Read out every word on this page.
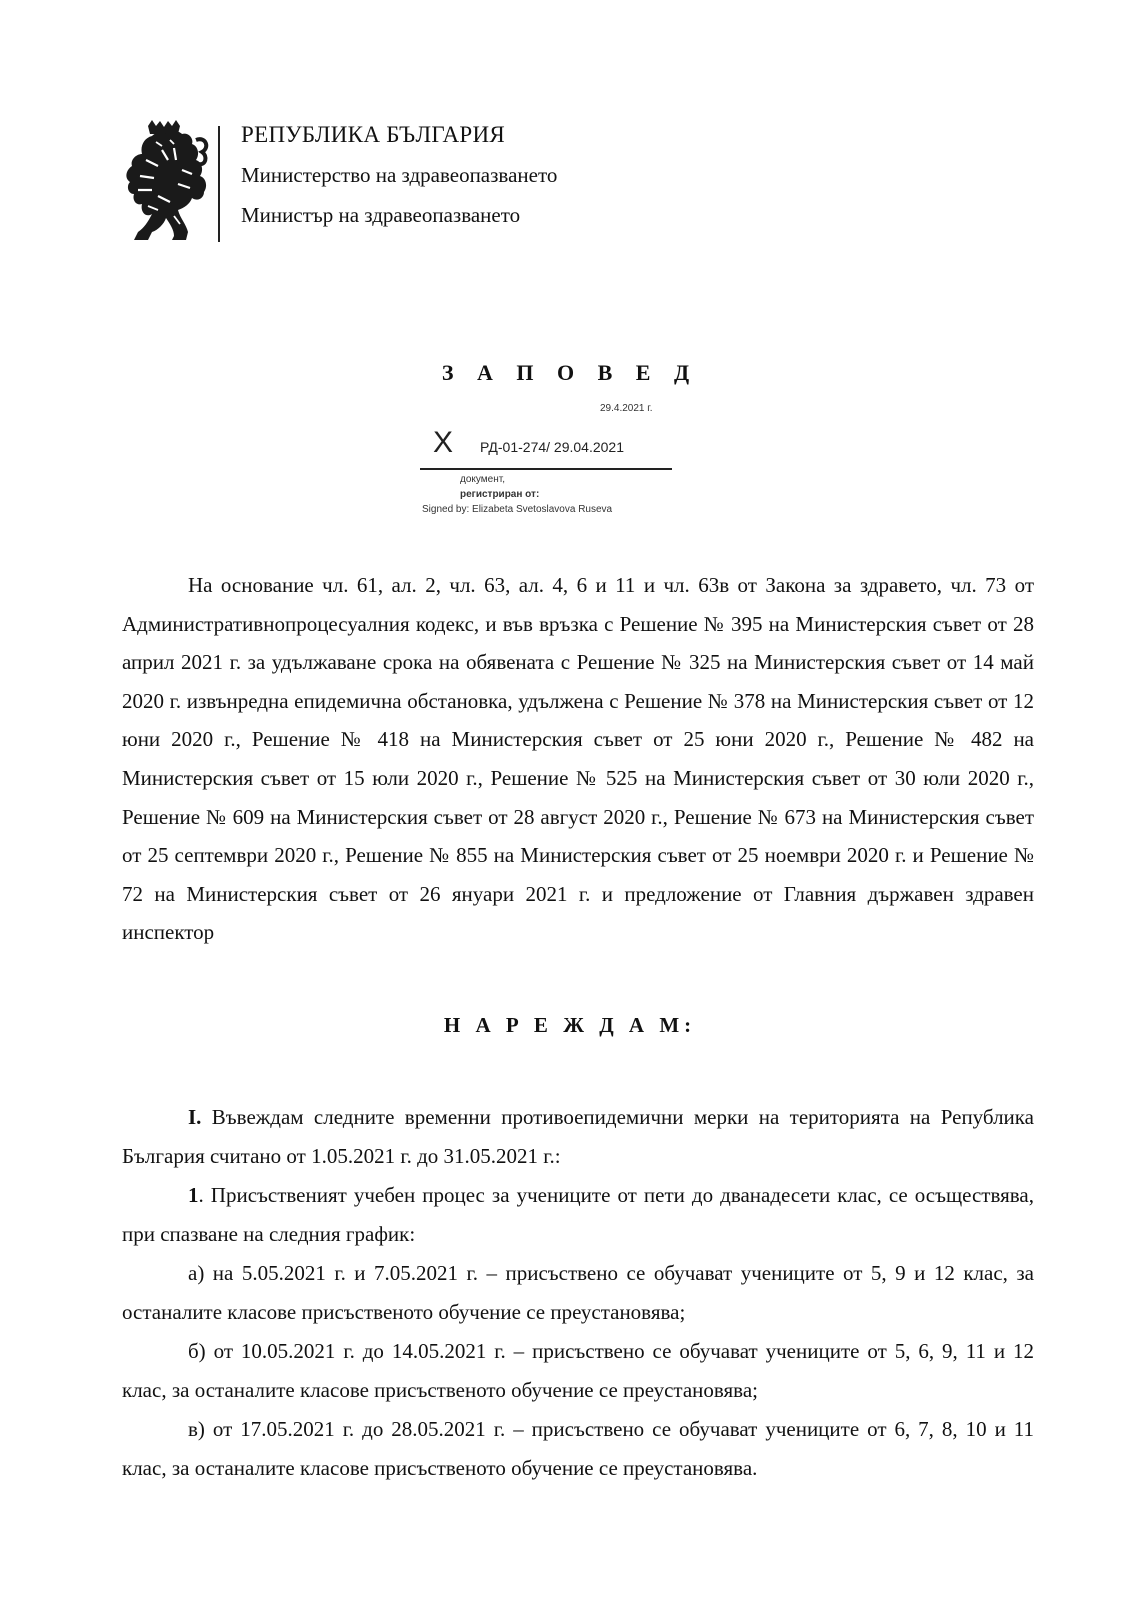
РЕПУБЛИКА БЪЛГАРИЯ
Министерство на здравеопазването
Министър на здравеопазването
З А П О В Е Д
29.4.2021 г.
X РД-01-274/ 29.04.2021
документ,
регистриран от:
Signed by: Elizabeta Svetoslavova Ruseva

На основание чл. 61, ал. 2, чл. 63, ал. 4, 6 и 11 и чл. 63в от Закона за здравето, чл. 73 от Административнопроцесуалния кодекс, и във връзка с Решение № 395 на Министерския съвет от 28 април 2021 г. за удължаване срока на обявената с Решение № 325 на Министерския съвет от 14 май 2020 г. извънредна епидемична обстановка, удължена с Решение № 378 на Министерския съвет от 12 юни 2020 г., Решение № 418 на Министерския съвет от 25 юни 2020 г., Решение № 482 на Министерския съвет от 15 юли 2020 г., Решение № 525 на Министерския съвет от 30 юли 2020 г., Решение № 609 на Министерския съвет от 28 август 2020 г., Решение № 673 на Министерския съвет от 25 септември 2020 г., Решение № 855 на Министерския съвет от 25 ноември 2020 г. и Решение № 72 на Министерския съвет от 26 януари 2021 г. и предложение от Главния държавен здравен инспектор

Н А Р Е Ж Д А М:

I. Въвеждам следните временни противоепидемични мерки на територията на Република България считано от 1.05.2021 г. до 31.05.2021 г.:

1. Присъственият учебен процес за учениците от пети до дванадесети клас, се осъществява, при спазване на следния график:

а) на 5.05.2021 г. и 7.05.2021 г. – присъствено се обучават учениците от 5, 9 и 12 клас, за останалите класове присъственото обучение се преустановява;

б) от 10.05.2021 г. до 14.05.2021 г. – присъствено се обучават учениците от 5, 6, 9, 11 и 12 клас, за останалите класове присъственото обучение се преустановява;

в) от 17.05.2021 г. до 28.05.2021 г. – присъствено се обучават учениците от 6, 7, 8, 10 и 11 клас, за останалите класове присъственото обучение се преустановява.
